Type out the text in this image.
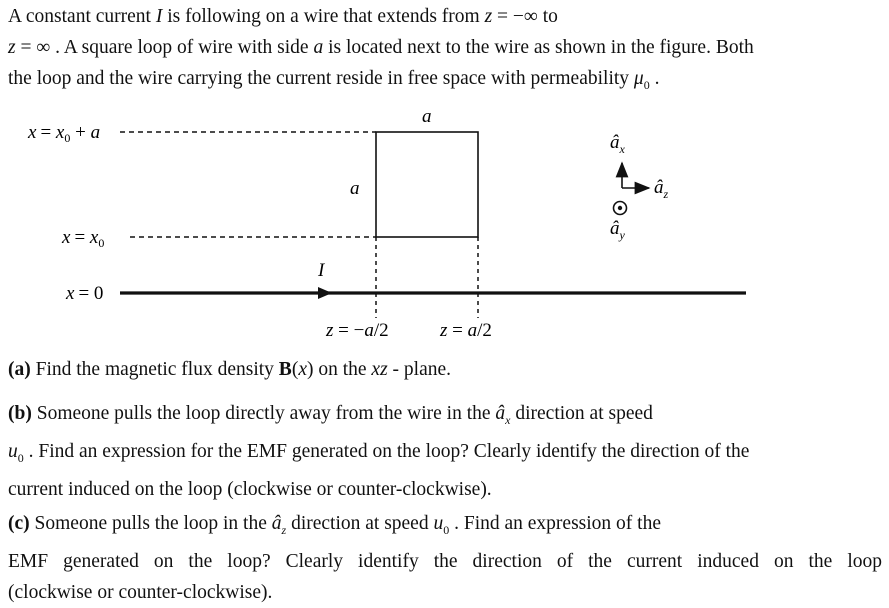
A constant current I is following on a wire that extends from z = −∞ to
z = ∞ . A square loop of wire with side a is located next to the wire as shown in the figure. Both
the loop and the wire carrying the current reside in free space with permeability $\mu_0$ .
$x = x_0 + a$
$x = x_0$
x = 0
a
a
I
z = −a/2	z = a/2
$â_x$
$â_z$
$â_y$
(a) Find the magnetic flux density B(x) on the xz - plane.
(b) Someone pulls the loop directly away from the wire in the $â_x$ direction at speed
$u_0$ . Find an expression for the EMF generated on the loop? Clearly identify the direction of the
current induced on the loop (clockwise or counter-clockwise).
(c) Someone pulls the loop in the $â_z$ direction at speed $u_0$ . Find an expression of the
EMF generated on the loop? Clearly identify the direction of the current induced on the loop
(clockwise or counter-clockwise).
